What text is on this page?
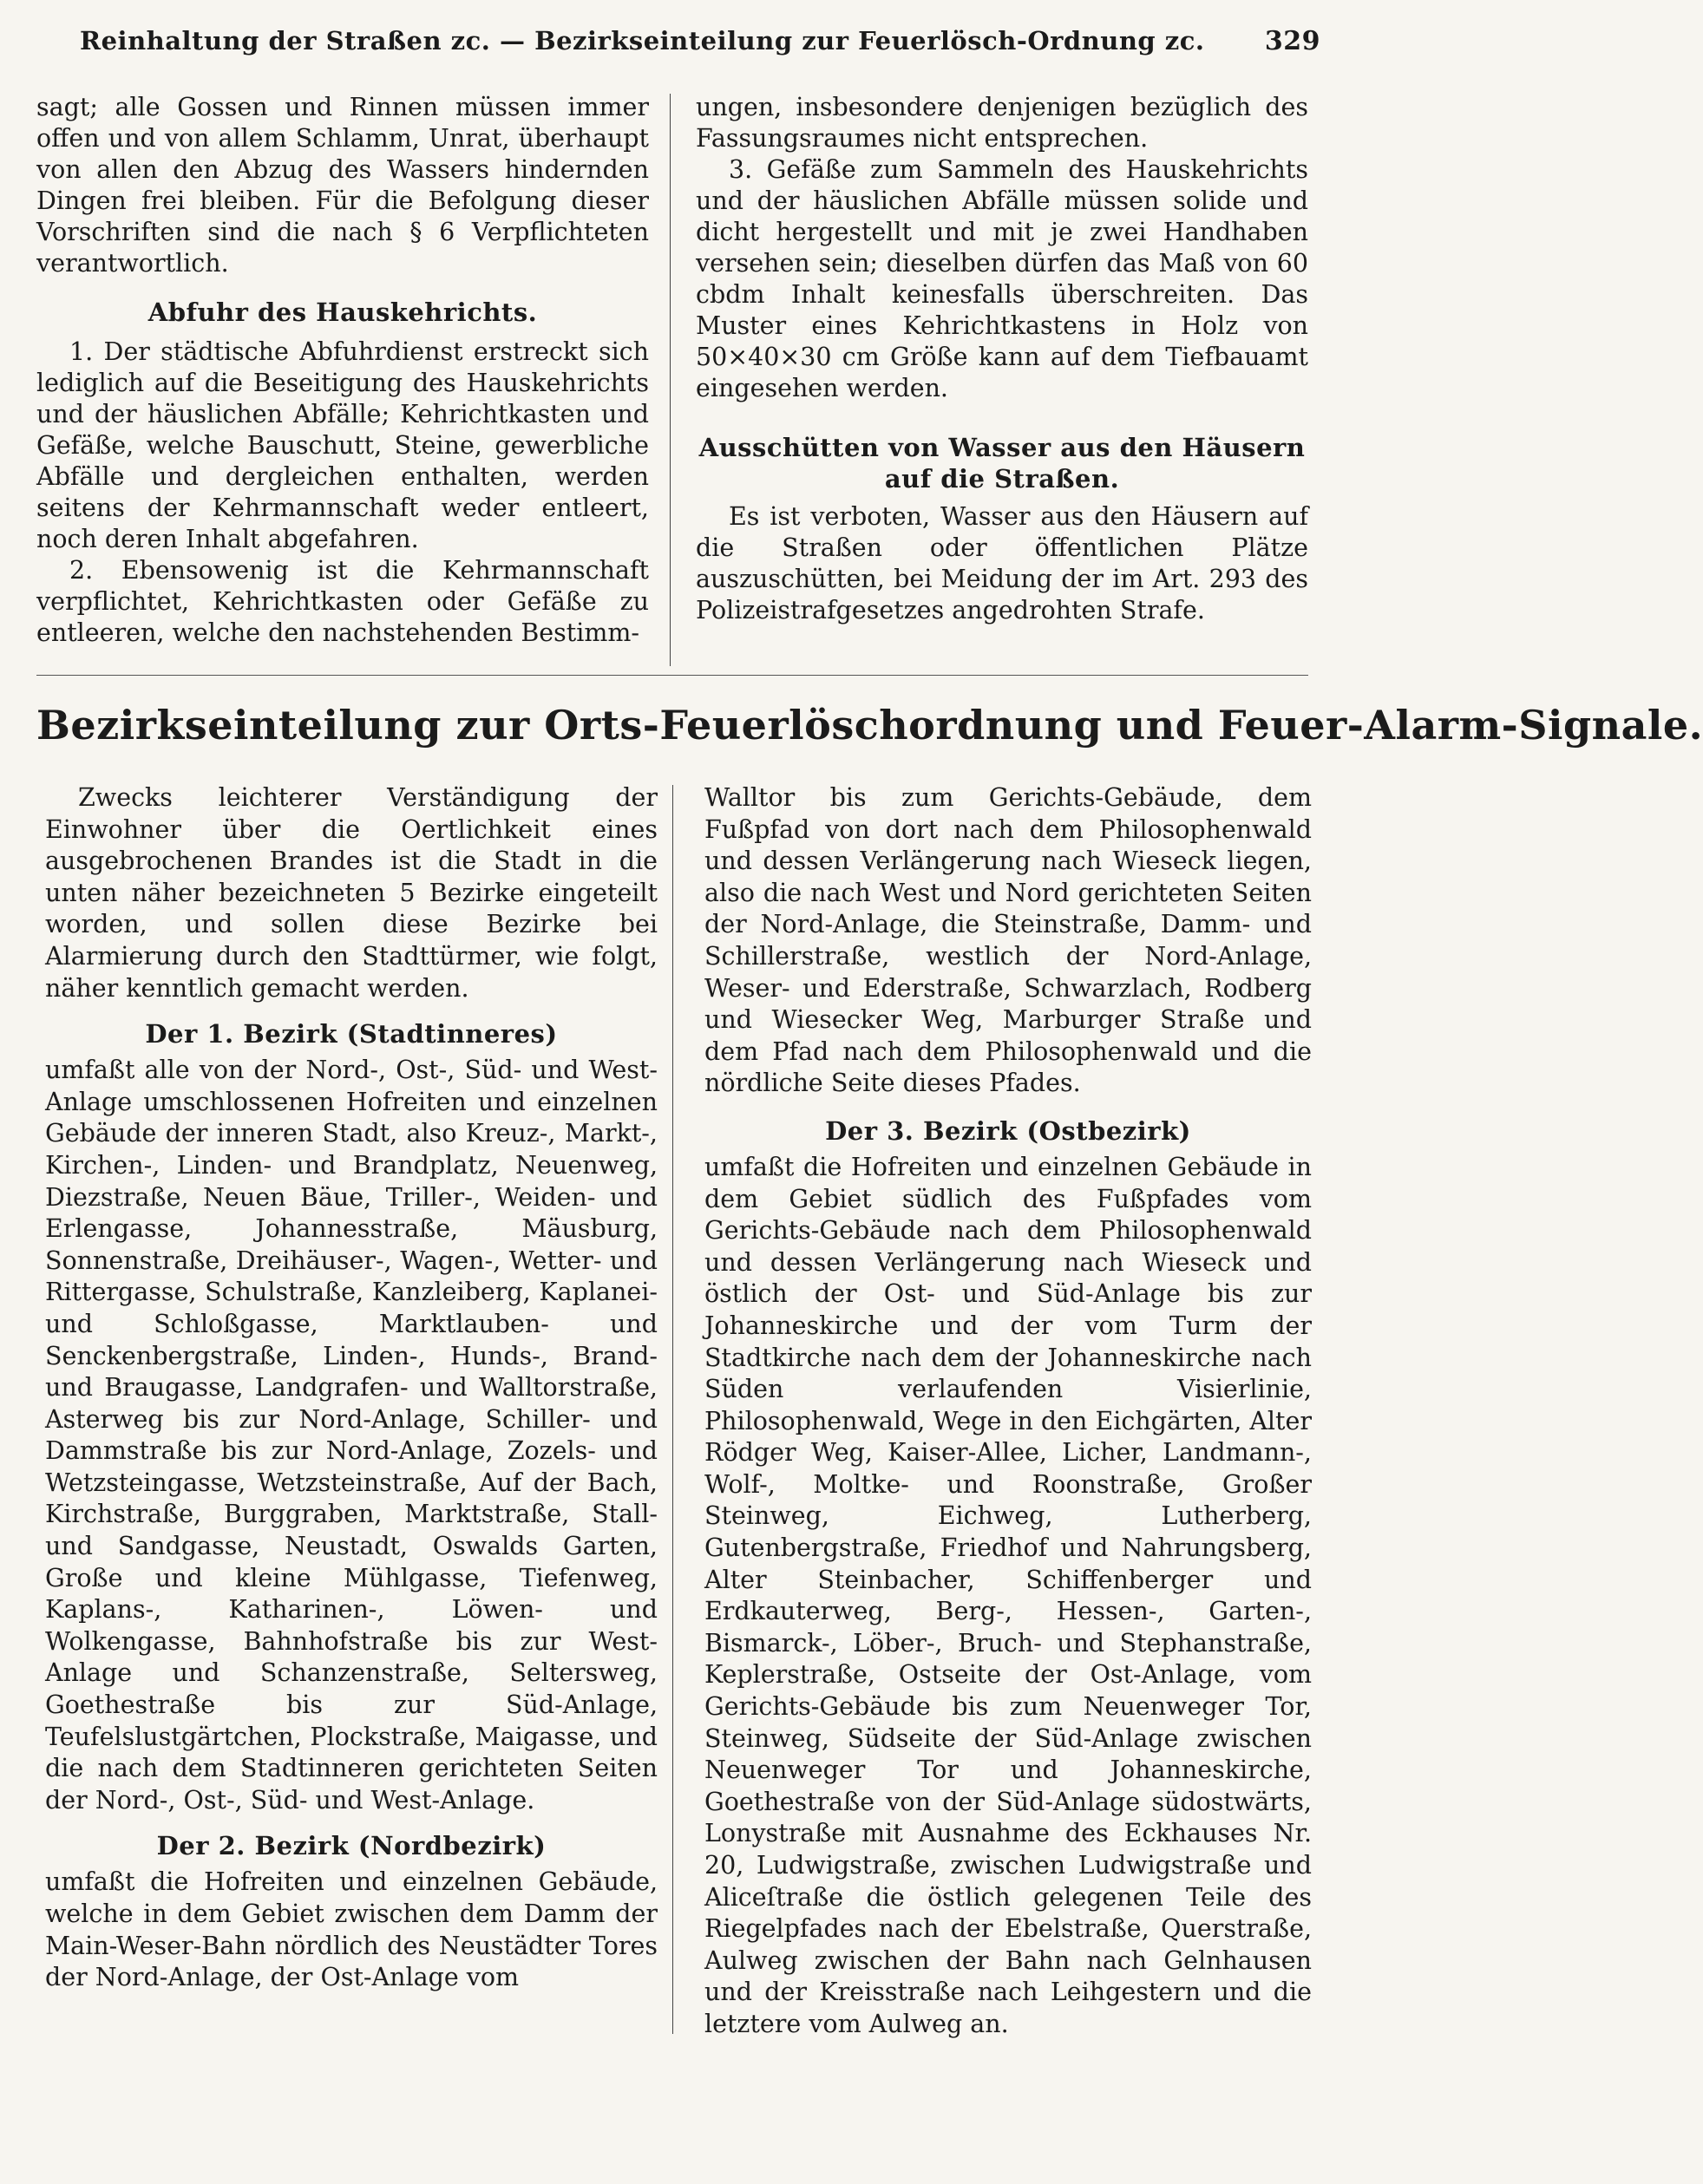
Reinhaltung der Straßen zc. — Bezirkseinteilung zur Feuerlösch-Ordnung zc. 329

sagt; alle Gossen und Rinnen müssen immer offen und von allem Schlamm, Unrat, überhaupt von allen den Abzug des Wassers hindernden Dingen frei bleiben. Für die Befolgung dieser Vorschriften sind die nach § 6 Verpflichteten verantwortlich.

Abfuhr des Hauskehrichts.

1. Der städtische Abfuhrdienst erstreckt sich lediglich auf die Beseitigung des Hauskehrichts und der häuslichen Abfälle; Kehrichtkasten und Gefäße, welche Bauschutt, Steine, gewerbliche Abfälle und dergleichen enthalten, werden seitens der Kehrmannschaft weder entleert, noch deren Inhalt abgefahren.

2. Ebensowenig ist die Kehrmannschaft verpflichtet, Kehrichtkasten oder Gefäße zu entleeren, welche den nachstehenden Bestimm-

ungen, insbesondere denjenigen bezüglich des Fassungsraumes nicht entsprechen.

3. Gefäße zum Sammeln des Hauskehrichts und der häuslichen Abfälle müssen solide und dicht hergestellt und mit je zwei Handhaben versehen sein; dieselben dürfen das Maß von 60 cbdm Inhalt keinesfalls überschreiten. Das Muster eines Kehrichtkastens in Holz von 50×40×30 cm Größe kann auf dem Tiefbauamt eingesehen werden.

Ausschütten von Wasser aus den Häusern auf die Straßen.

Es ist verboten, Wasser aus den Häusern auf die Straßen oder öffentlichen Plätze auszuschütten, bei Meidung der im Art. 293 des Polizeistrafgesetzes angedrohten Strafe.

Bezirkseinteilung zur Orts-Feuerlöschordnung und Feuer-Alarm-Signale.

Zwecks leichterer Verständigung der Einwohner über die Oertlichkeit eines ausgebrochenen Brandes ist die Stadt in die unten näher bezeichneten 5 Bezirke eingeteilt worden, und sollen diese Bezirke bei Alarmierung durch den Stadttürmer, wie folgt, näher kenntlich gemacht werden.

Der 1. Bezirk (Stadtinneres)

umfaßt alle von der Nord-, Ost-, Süd- und West-Anlage umschlossenen Hofreiten und einzelnen Gebäude der inneren Stadt, also Kreuz-, Markt-, Kirchen-, Linden- und Brandplatz, Neuenweg, Diezstraße, Neuen Bäue, Triller-, Weiden- und Erlengasse, Johannesstraße, Mäusburg, Sonnenstraße, Dreihäuser-, Wagen-, Wetter- und Rittergasse, Schulstraße, Kanzleiberg, Kaplanei- und Schloßgasse, Marktlauben- und Senckenbergstraße, Linden-, Hunds-, Brand- und Braugasse, Landgrafen- und Walltorstraße, Asterweg bis zur Nord-Anlage, Schiller- und Dammstraße bis zur Nord-Anlage, Zozels- und Wetzsteingasse, Wetzsteinstraße, Auf der Bach, Kirchstraße, Burggraben, Marktstraße, Stall- und Sandgasse, Neustadt, Oswalds Garten, Große und kleine Mühlgasse, Tiefenweg, Kaplans-, Katharinen-, Löwen- und Wolkengasse, Bahnhofstraße bis zur West-Anlage und Schanzenstraße, Seltersweg, Goethestraße bis zur Süd-Anlage, Teufelslustgärtchen, Plockstraße, Maigasse, und die nach dem Stadtinneren gerichteten Seiten der Nord-, Ost-, Süd- und West-Anlage.

Der 2. Bezirk (Nordbezirk)

umfaßt die Hofreiten und einzelnen Gebäude, welche in dem Gebiet zwischen dem Damm der Main-Weser-Bahn nördlich des Neustädter Tores der Nord-Anlage, der Ost-Anlage vom

Walltor bis zum Gerichts-Gebäude, dem Fußpfad von dort nach dem Philosophenwald und dessen Verlängerung nach Wieseck liegen, also die nach West und Nord gerichteten Seiten der Nord-Anlage, die Steinstraße, Damm- und Schillerstraße, westlich der Nord-Anlage, Weser- und Ederstraße, Schwarzlach, Rodberg und Wiesecker Weg, Marburger Straße und dem Pfad nach dem Philosophenwald und die nördliche Seite dieses Pfades.

Der 3. Bezirk (Ostbezirk)

umfaßt die Hofreiten und einzelnen Gebäude in dem Gebiet südlich des Fußpfades vom Gerichts-Gebäude nach dem Philosophenwald und dessen Verlängerung nach Wieseck und östlich der Ost- und Süd-Anlage bis zur Johanneskirche und der vom Turm der Stadtkirche nach dem der Johanneskirche nach Süden verlaufenden Visierlinie, Philosophenwald, Wege in den Eichgärten, Alter Rödger Weg, Kaiser-Allee, Licher, Landmann-, Wolf-, Moltke- und Roonstraße, Großer Steinweg, Eichweg, Lutherberg, Gutenbergstraße, Friedhof und Nahrungsberg, Alter Steinbacher, Schiffenberger und Erdkauterweg, Berg-, Hessen-, Garten-, Bismarck-, Löber-, Bruch- und Stephanstraße, Keplerstraße, Ostseite der Ost-Anlage, vom Gerichts-Gebäude bis zum Neuenweger Tor, Steinweg, Südseite der Süd-Anlage zwischen Neuenweger Tor und Johanneskirche, Goethestraße von der Süd-Anlage südostwärts, Lonystraße mit Ausnahme des Eckhauses Nr. 20, Ludwigstraße, zwischen Ludwigstraße und Aliceſtraße die östlich gelegenen Teile des Riegelpfades nach der Ebelstraße, Querstraße, Aulweg zwischen der Bahn nach Gelnhausen und der Kreisstraße nach Leihgestern und die letztere vom Aulweg an.
